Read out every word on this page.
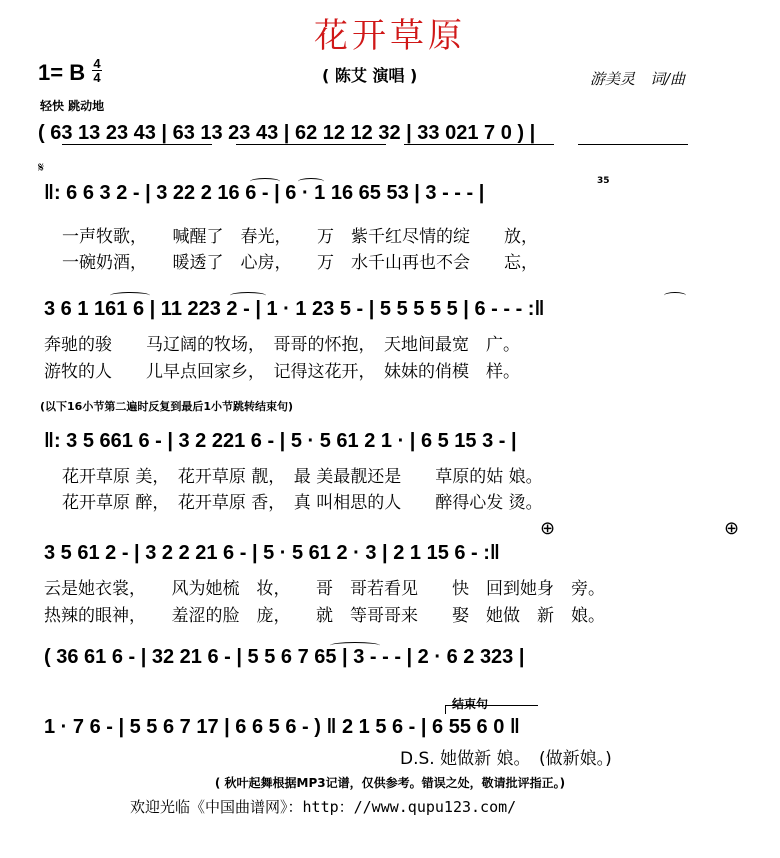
花开草原
1= B 4
4	( 陈艾 演唱 )	游美灵　词/曲
轻快 跳动地
( 63 13 23 43 | 63 13 23 43 | 62 12 12 32 | 33 021 7 0 ) |
𝄋
‖: 6 6 3 2 - | 3 22 2 16 6 - | 6 · 1 16 65 53 | 3 - - - |
35
一声牧歌，　　喊醒了　春光，　　万　紫千红尽情的绽　　放，
一碗奶酒，　　暖透了　心房，　　万　水千山再也不会　　忘，
3 6 1 161 6 | 11 223 2 - | 1 · 1 23 5 - | 5 5 5 5 5 | 6 - - - :‖
奔驰的骏　　马辽阔的牧场，　哥哥的怀抱，　天地间最宽　广。
游牧的人　　儿早点回家乡，　记得这花开，　妹妹的俏模　样。
(以下16小节第二遍时反复到最后1小节跳转结束句)
‖: 3 5 661 6 - | 3 2 221 6 - | 5 · 5 61 2 1 · | 6 5 15 3 - |
花开草原 美，　花开草原 靓，　最 美最靓还是　　草原的姑 娘。
花开草原 醉，　花开草原 香，　真 叫相思的人　　醉得心发 烫。
⊕	⊕
3 5 61 2 - | 3 2 2 21 6 - | 5 · 5 61 2 · 3 | 2 1 15 6 - :‖
云是她衣裳，　　风为她梳　妆，　　哥　哥若看见　　快　回到她身　旁。
热辣的眼神，　　羞涩的脸　庞，　　就　等哥哥来　　娶　她做　新　娘。
( 36 61 6 - | 32 21 6 - | 5 5 6 7 65 | 3 - - - | 2 · 6 2 323 |
结束句
1 · 7 6 - | 5 5 6 7 17 | 6 6 5 6 - ) ‖ 2 1 5 6 - | 6 55 6 0 ‖
D.S. 她做新 娘。　(做新娘。)
( 秋叶起舞根据MP3记谱，仅供参考。错误之处，敬请批评指正。)
欢迎光临《中国曲谱网》：http：//www.qupu123.com/
